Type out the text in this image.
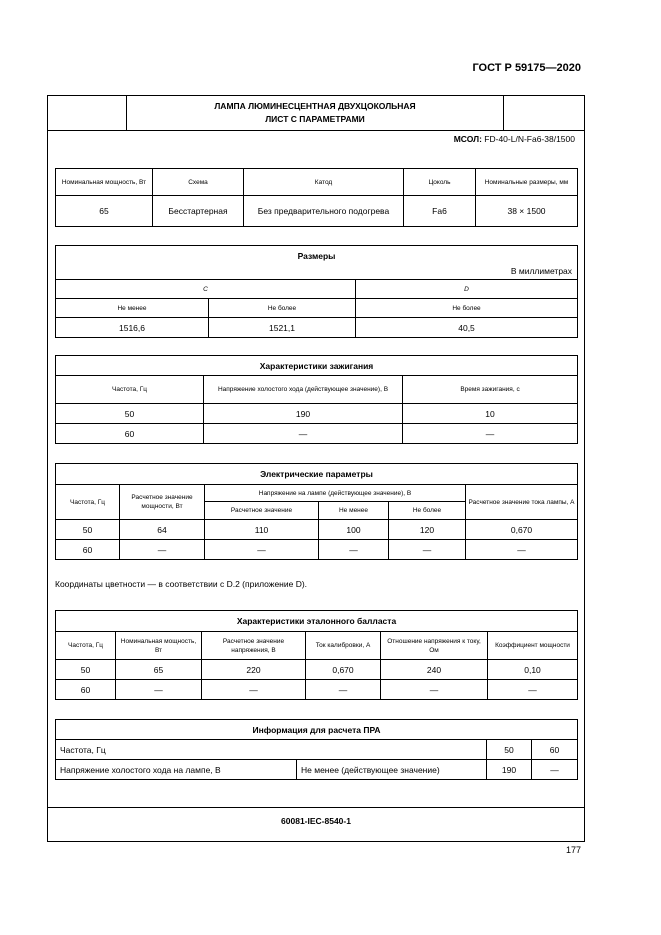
ГОСТ Р 59175—2020
ЛАМПА ЛЮМИНЕСЦЕНТНАЯ ДВУХЦОКОЛЬНАЯ
ЛИСТ С ПАРАМЕТРАМИ
МСОЛ: FD-40-L/N-Fa6-38/1500
Номинальная мощность, Вт	Схема	Катод	Цоколь	Номинальные размеры, мм
65	Бесстартерная	Без предварительного подогрева	Fa6	38 × 1500
Размеры
В миллиметрах		

C		D
Не менее	Не более	Не более
1516,6	1521,1	40,5
Характеристики зажигания		
Частота, Гц	Напряжение холостого хода (действующее значение), В	Время зажигания, с
50	190	10
60	—	—
Электрические параметры					
Частота, Гц	Расчетное значение мощности, Вт	Напряжение на лампе (действующее значение), В			Расчетное значение тока лампы, А
		Расчетное значение	Не менее	Не более	
50	64	110	100	120	0,670
60	—	—	—	—	—
Координаты цветности — в соответствии с D.2 (приложение D).
Характеристики эталонного балласта					
Частота, Гц	Номинальная мощность, Вт	Расчетное значение напряжения, В	Ток калибровки, А	Отношение напряжения к току, Ом	Коэффициент мощности
50	65	220	0,670	240	0,10
60	—	—	—	—	—
Информация для расчета ПРА			
Частота, Гц		50	60
Напряжение холостого хода на лампе, В	Не менее (действующее значение)	190	—
60081-IEC-8540-1
177
